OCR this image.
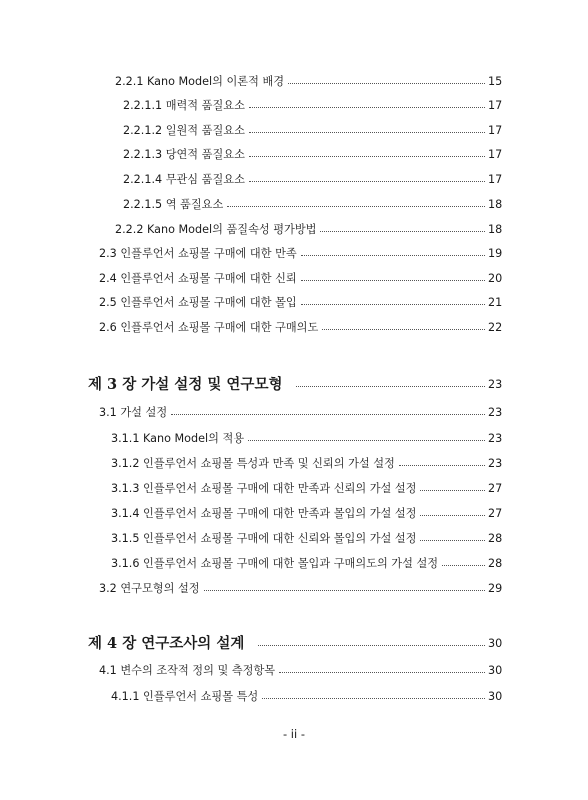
2.2.1 Kano Model의 이론적 배경	15
2.2.1.1 매력적 품질요소	17
2.2.1.2 일원적 품질요소	17
2.2.1.3 당연적 품질요소	17
2.2.1.4 무관심 품질요소	17
2.2.1.5 역 품질요소	18
2.2.2 Kano Model의 품질속성 평가방법	18
2.3 인플루언서 쇼핑몰 구매에 대한 만족	19
2.4 인플루언서 쇼핑몰 구매에 대한 신뢰	20
2.5 인플루언서 쇼핑몰 구매에 대한 몰입	21
2.6 인플루언서 쇼핑몰 구매에 대한 구매의도	22
제 3 장 가설 설정 및 연구모형	23
3.1 가설 설정	23
3.1.1 Kano Model의 적용	23
3.1.2 인플루언서 쇼핑몰 특성과 만족 및 신뢰의 가설 설정	23
3.1.3 인플루언서 쇼핑몰 구매에 대한 만족과 신뢰의 가설 설정	27
3.1.4 인플루언서 쇼핑몰 구매에 대한 만족과 몰입의 가설 설정	27
3.1.5 인플루언서 쇼핑몰 구매에 대한 신뢰와 몰입의 가설 설정	28
3.1.6 인플루언서 쇼핑몰 구매에 대한 몰입과 구매의도의 가설 설정	28
3.2 연구모형의 설정	29
제 4 장 연구조사의 설계	30
4.1 변수의 조작적 정의 및 측정항목	30
4.1.1 인플루언서 쇼핑몰 특성	30
- ii -
